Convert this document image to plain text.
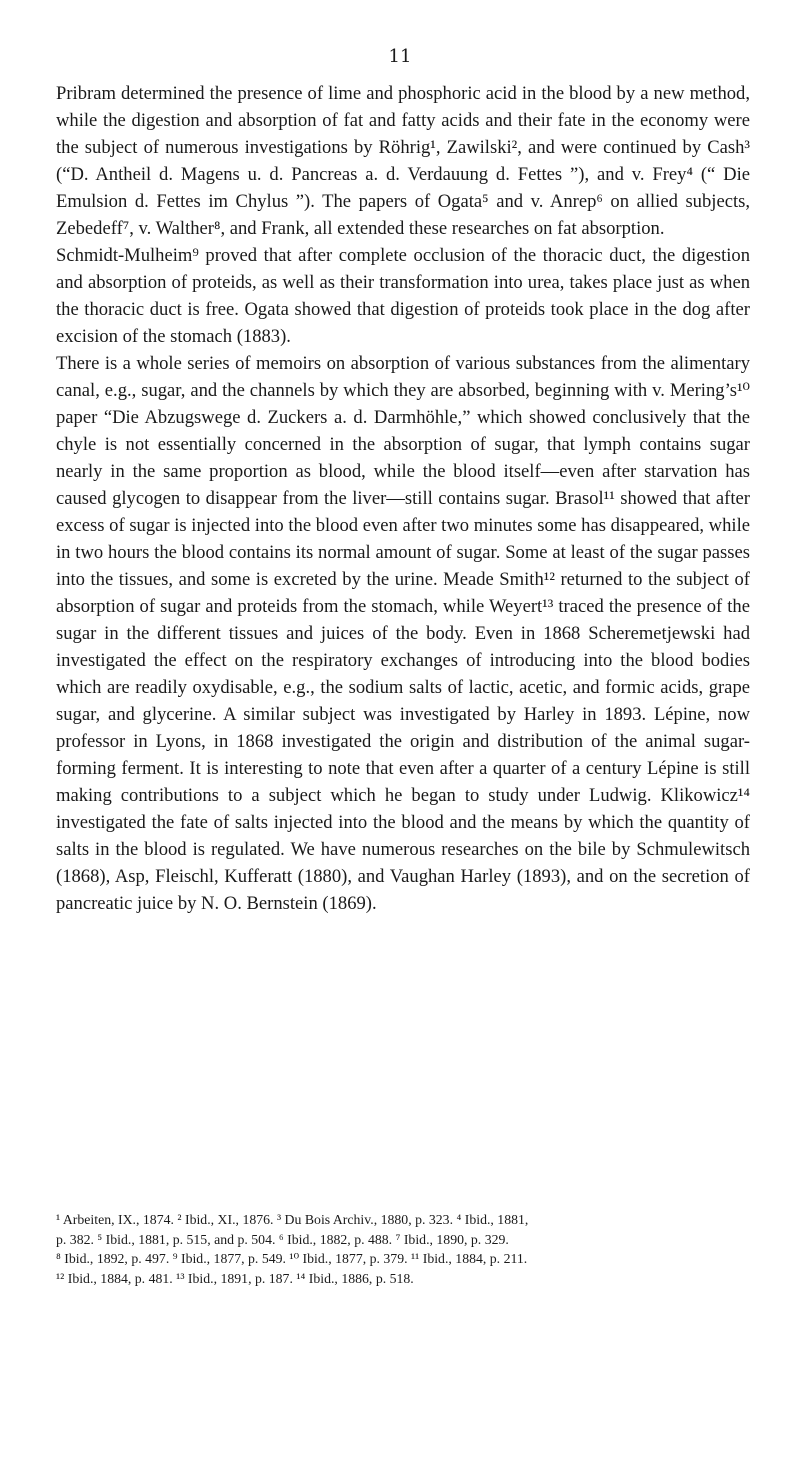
11

Pribram determined the presence of lime and phosphoric acid in the blood by a new method, while the digestion and absorption of fat and fatty acids and their fate in the economy were the subject of numerous investigations by Röhrig¹, Zawilski², and were continued by Cash³ (“D. Antheil d. Magens u. d. Pancreas a. d. Verdauung d. Fettes ”), and v. Frey⁴ (“ Die Emulsion d. Fettes im Chylus ”). The papers of Ogata⁵ and v. Anrep⁶ on allied subjects, Zebedeff⁷, v. Walther⁸, and Frank, all extended these researches on fat absorption.

Schmidt-Mulheim⁹ proved that after complete occlusion of the thoracic duct, the digestion and absorption of proteids, as well as their transformation into urea, takes place just as when the thoracic duct is free. Ogata showed that digestion of proteids took place in the dog after excision of the stomach (1883).

There is a whole series of memoirs on absorption of various substances from the alimentary canal, e.g., sugar, and the channels by which they are absorbed, beginning with v. Mering’s¹⁰ paper “Die Abzugswege d. Zuckers a. d. Darmhöhle,” which showed conclusively that the chyle is not essentially concerned in the absorption of sugar, that lymph contains sugar nearly in the same proportion as blood, while the blood itself—even after starvation has caused glycogen to disappear from the liver—still contains sugar. Brasol¹¹ showed that after excess of sugar is injected into the blood even after two minutes some has disappeared, while in two hours the blood contains its normal amount of sugar. Some at least of the sugar passes into the tissues, and some is excreted by the urine. Meade Smith¹² returned to the subject of absorption of sugar and proteids from the stomach, while Weyert¹³ traced the presence of the sugar in the different tissues and juices of the body. Even in 1868 Scheremetjewski had investigated the effect on the respiratory exchanges of introducing into the blood bodies which are readily oxydisable, e.g., the sodium salts of lactic, acetic, and formic acids, grape sugar, and glycerine. A similar subject was investigated by Harley in 1893. Lépine, now professor in Lyons, in 1868 investigated the origin and distribution of the animal sugar-forming ferment. It is interesting to note that even after a quarter of a century Lépine is still making contributions to a subject which he began to study under Ludwig. Klikowicz¹⁴ investigated the fate of salts injected into the blood and the means by which the quantity of salts in the blood is regulated. We have numerous researches on the bile by Schmulewitsch (1868), Asp, Fleischl, Kufferatt (1880), and Vaughan Harley (1893), and on the secretion of pancreatic juice by N. O. Bernstein (1869).

¹ Arbeiten, IX., 1874. ² Ibid., XI., 1876. ³ Du Bois Archiv., 1880, p. 323. ⁴ Ibid., 1881,
p. 382. ⁵ Ibid., 1881, p. 515, and p. 504. ⁶ Ibid., 1882, p. 488. ⁷ Ibid., 1890, p. 329.
⁸ Ibid., 1892, p. 497. ⁹ Ibid., 1877, p. 549. ¹⁰ Ibid., 1877, p. 379. ¹¹ Ibid., 1884, p. 211.
¹² Ibid., 1884, p. 481. ¹³ Ibid., 1891, p. 187. ¹⁴ Ibid., 1886, p. 518.
